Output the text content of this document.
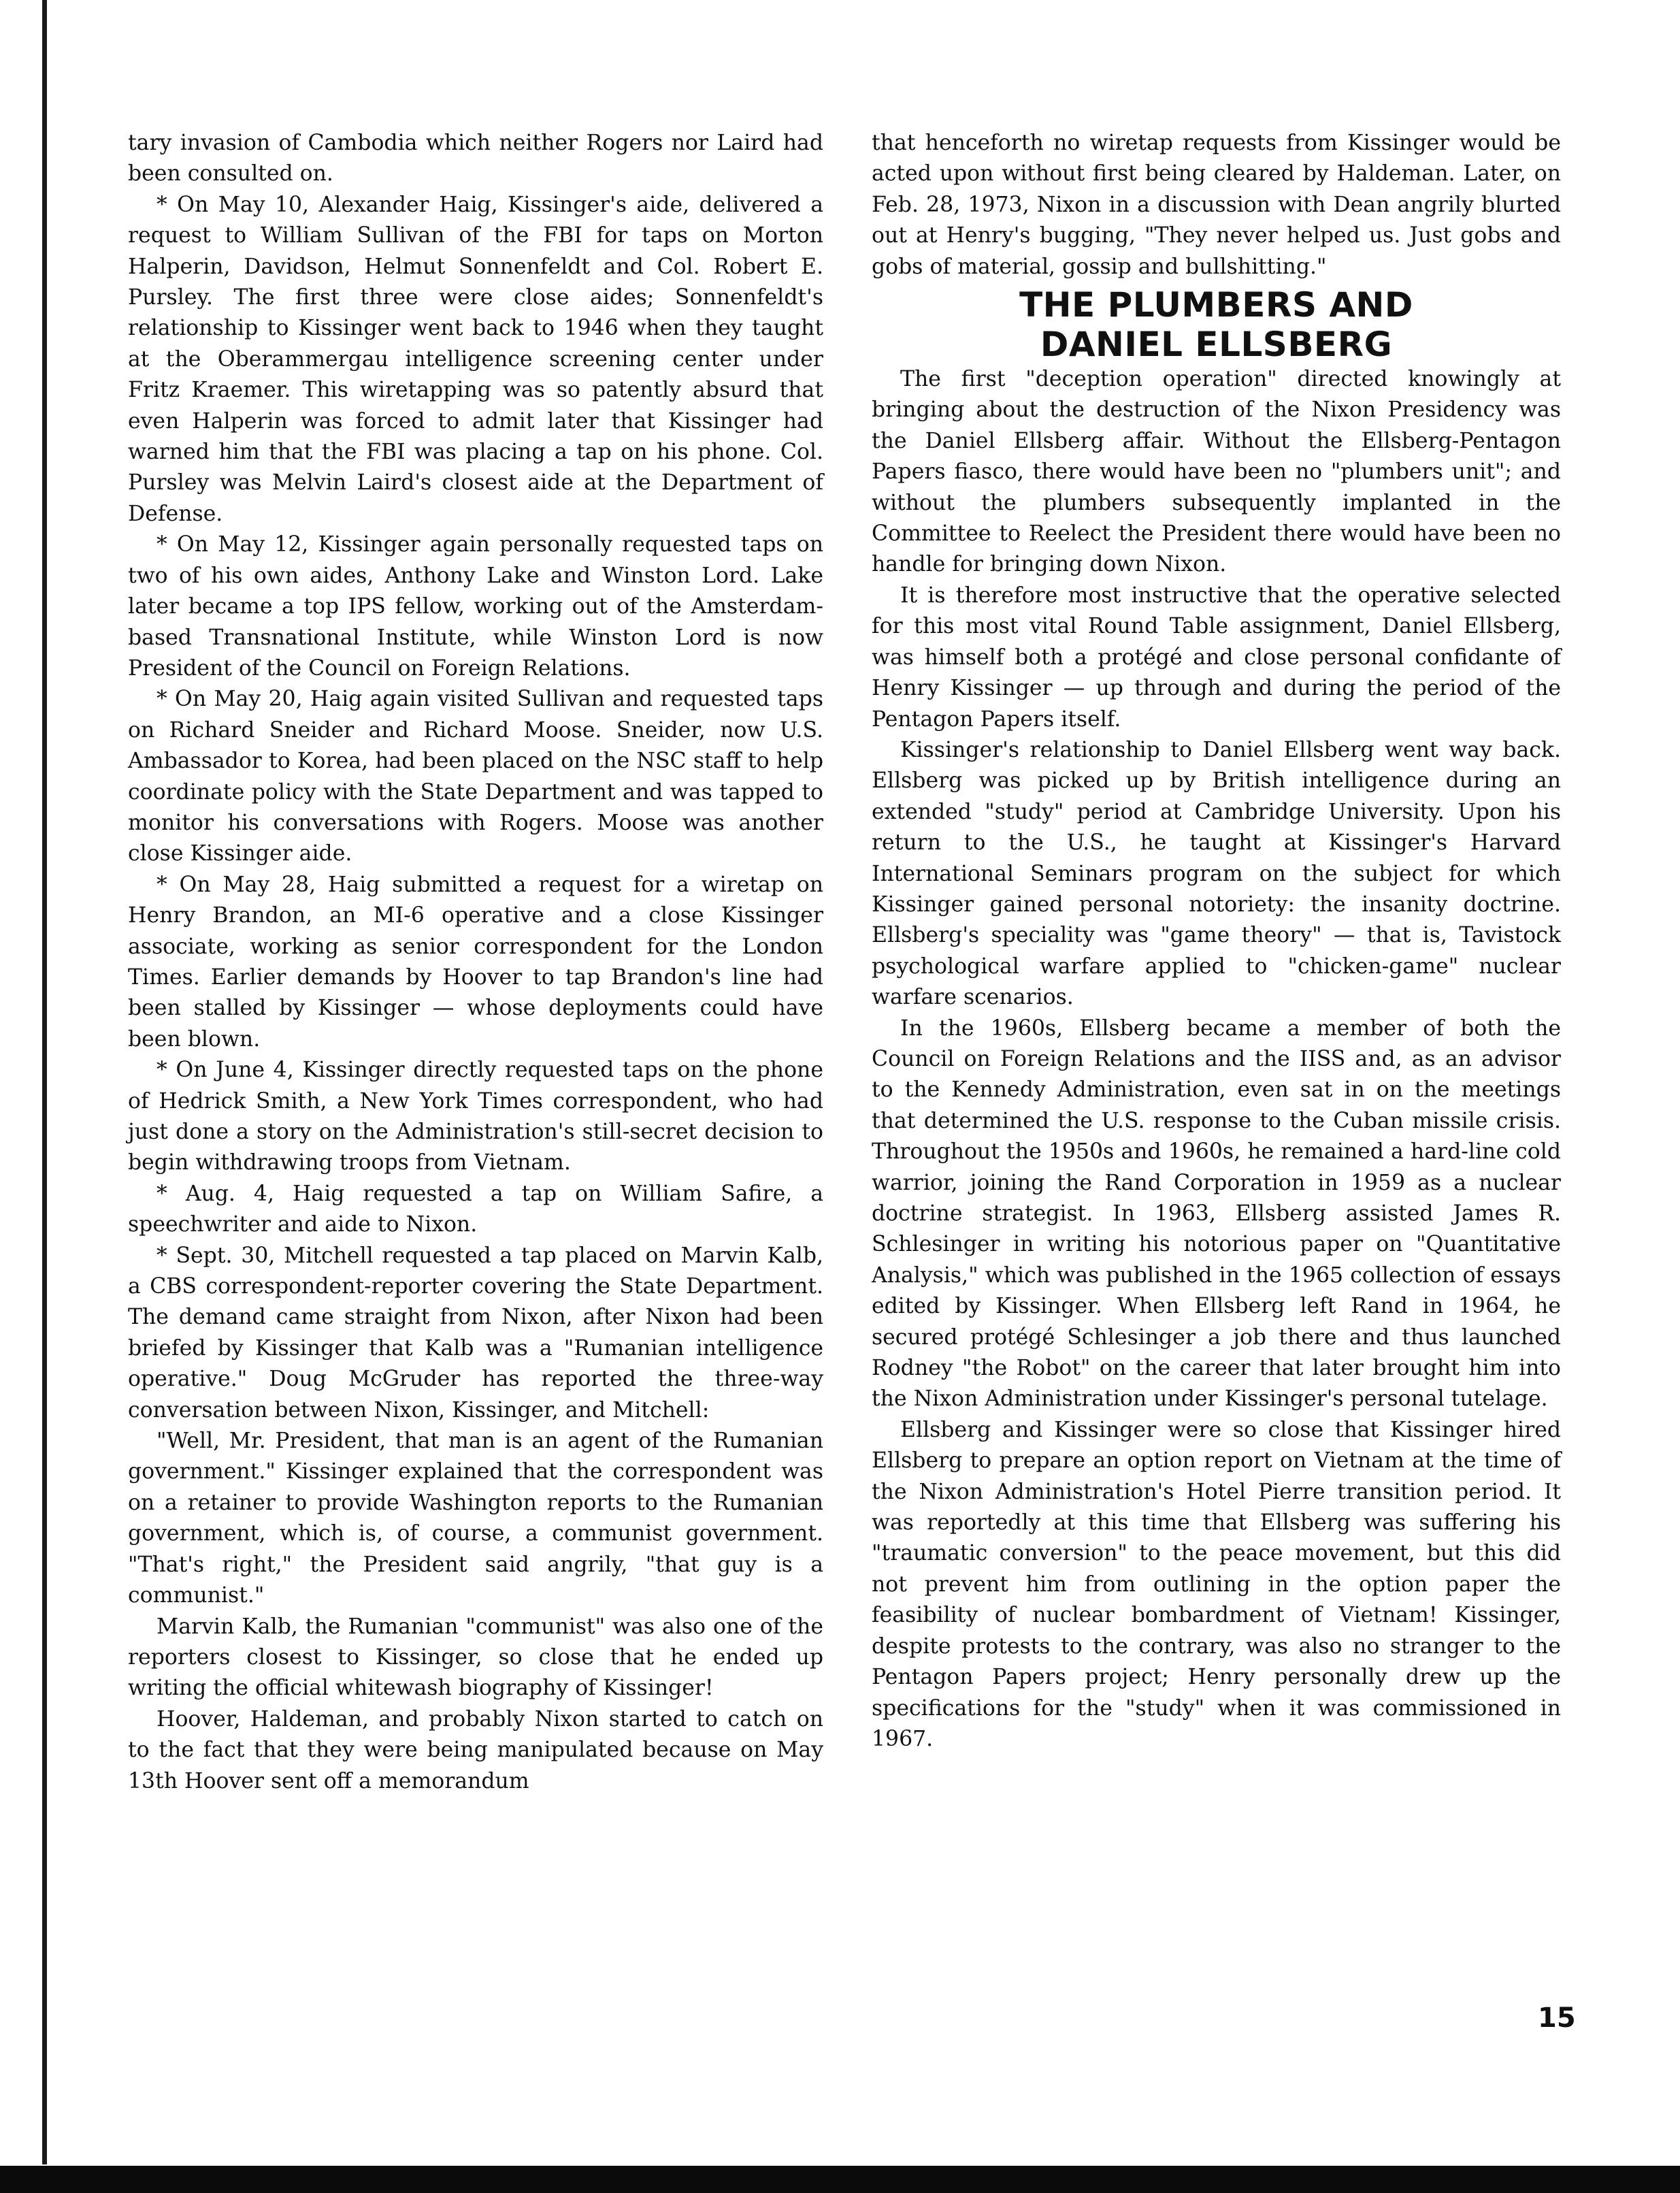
tary invasion of Cambodia which neither Rogers nor Laird had been consulted on.

* On May 10, Alexander Haig, Kissinger's aide, delivered a request to William Sullivan of the FBI for taps on Morton Halperin, Davidson, Helmut Sonnenfeldt and Col. Robert E. Pursley. The first three were close aides; Sonnenfeldt's relationship to Kissinger went back to 1946 when they taught at the Oberammergau intelligence screening center under Fritz Kraemer. This wiretapping was so patently absurd that even Halperin was forced to admit later that Kissinger had warned him that the FBI was placing a tap on his phone. Col. Pursley was Melvin Laird's closest aide at the Department of Defense.

* On May 12, Kissinger again personally requested taps on two of his own aides, Anthony Lake and Winston Lord. Lake later became a top IPS fellow, working out of the Amsterdam-based Transnational Institute, while Winston Lord is now President of the Council on Foreign Relations.

* On May 20, Haig again visited Sullivan and requested taps on Richard Sneider and Richard Moose. Sneider, now U.S. Ambassador to Korea, had been placed on the NSC staff to help coordinate policy with the State Department and was tapped to monitor his conversations with Rogers. Moose was another close Kissinger aide.

* On May 28, Haig submitted a request for a wiretap on Henry Brandon, an MI-6 operative and a close Kissinger associate, working as senior correspondent for the London Times. Earlier demands by Hoover to tap Brandon's line had been stalled by Kissinger — whose deployments could have been blown.

* On June 4, Kissinger directly requested taps on the phone of Hedrick Smith, a New York Times correspondent, who had just done a story on the Administration's still-secret decision to begin withdrawing troops from Vietnam.

* Aug. 4, Haig requested a tap on William Safire, a speechwriter and aide to Nixon.

* Sept. 30, Mitchell requested a tap placed on Marvin Kalb, a CBS correspondent-reporter covering the State Department. The demand came straight from Nixon, after Nixon had been briefed by Kissinger that Kalb was a "Rumanian intelligence operative." Doug McGruder has reported the three-way conversation between Nixon, Kissinger, and Mitchell:

"Well, Mr. President, that man is an agent of the Rumanian government." Kissinger explained that the correspondent was on a retainer to provide Washington reports to the Rumanian government, which is, of course, a communist government. "That's right," the President said angrily, "that guy is a communist."

Marvin Kalb, the Rumanian "communist" was also one of the reporters closest to Kissinger, so close that he ended up writing the official whitewash biography of Kissinger!

Hoover, Haldeman, and probably Nixon started to catch on to the fact that they were being manipulated because on May 13th Hoover sent off a memorandum

that henceforth no wiretap requests from Kissinger would be acted upon without first being cleared by Haldeman. Later, on Feb. 28, 1973, Nixon in a discussion with Dean angrily blurted out at Henry's bugging, "They never helped us. Just gobs and gobs of material, gossip and bullshitting."

THE PLUMBERS AND
DANIEL ELLSBERG

The first "deception operation" directed knowingly at bringing about the destruction of the Nixon Presidency was the Daniel Ellsberg affair. Without the Ellsberg-Pentagon Papers fiasco, there would have been no "plumbers unit"; and without the plumbers subsequently implanted in the Committee to Reelect the President there would have been no handle for bringing down Nixon.

It is therefore most instructive that the operative selected for this most vital Round Table assignment, Daniel Ellsberg, was himself both a protégé and close personal confidante of Henry Kissinger — up through and during the period of the Pentagon Papers itself.

Kissinger's relationship to Daniel Ellsberg went way back. Ellsberg was picked up by British intelligence during an extended "study" period at Cambridge University. Upon his return to the U.S., he taught at Kissinger's Harvard International Seminars program on the subject for which Kissinger gained personal notoriety: the insanity doctrine. Ellsberg's speciality was "game theory" — that is, Tavistock psychological warfare applied to "chicken-game" nuclear warfare scenarios.

In the 1960s, Ellsberg became a member of both the Council on Foreign Relations and the IISS and, as an advisor to the Kennedy Administration, even sat in on the meetings that determined the U.S. response to the Cuban missile crisis. Throughout the 1950s and 1960s, he remained a hard-line cold warrior, joining the Rand Corporation in 1959 as a nuclear doctrine strategist. In 1963, Ellsberg assisted James R. Schlesinger in writing his notorious paper on "Quantitative Analysis," which was published in the 1965 collection of essays edited by Kissinger. When Ellsberg left Rand in 1964, he secured protégé Schlesinger a job there and thus launched Rodney "the Robot" on the career that later brought him into the Nixon Administration under Kissinger's personal tutelage.

Ellsberg and Kissinger were so close that Kissinger hired Ellsberg to prepare an option report on Vietnam at the time of the Nixon Administration's Hotel Pierre transition period. It was reportedly at this time that Ellsberg was suffering his "traumatic conversion" to the peace movement, but this did not prevent him from outlining in the option paper the feasibility of nuclear bombardment of Vietnam! Kissinger, despite protests to the contrary, was also no stranger to the Pentagon Papers project; Henry personally drew up the specifications for the "study" when it was commissioned in 1967.

15
